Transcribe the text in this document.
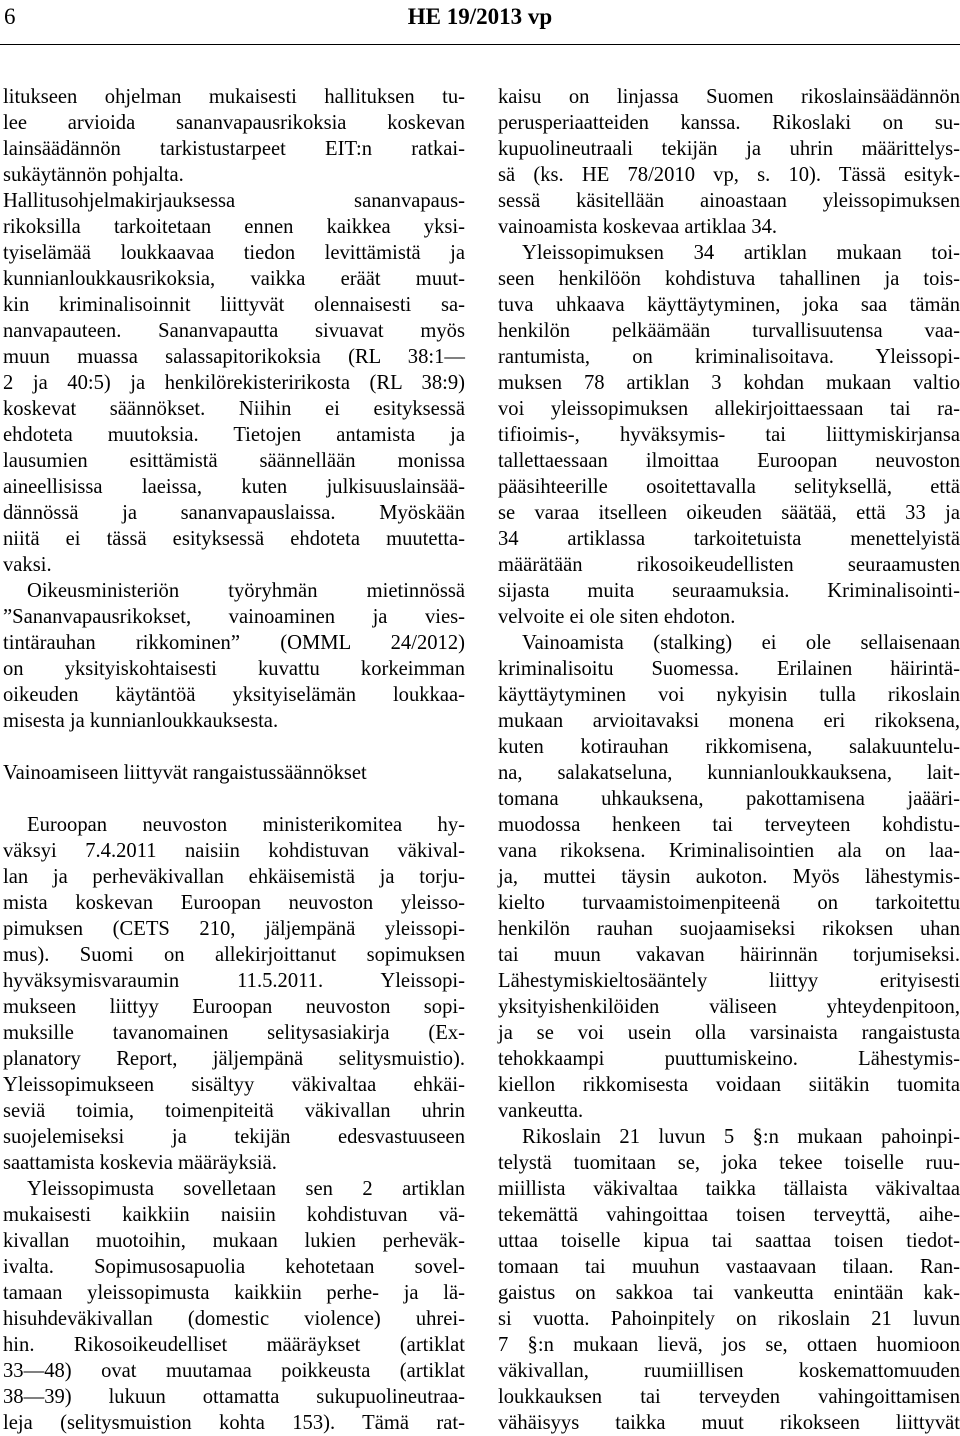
6	HE 19/2013 vp

litukseen ohjelman mukaisesti hallituksen tu-
lee arvioida sananvapausrikoksia koskevan
lainsäädännön tarkistustarpeet EIT:n ratkai-
sukäytännön pohjalta.
Hallitusohjelmakirjauksessa sananvapaus-
rikoksilla tarkoitetaan ennen kaikkea yksi-
tyiselämää loukkaavaa tiedon levittämistä ja
kunnianloukkausrikoksia, vaikka eräät muut-
kin kriminalisoinnit liittyvät olennaisesti sa-
nanvapauteen. Sananvapautta sivuavat myös
muun muassa salassapitorikoksia (RL 38:1—
2 ja 40:5) ja henkilörekisteririkosta (RL 38:9)
koskevat säännökset. Niihin ei esityksessä
ehdoteta muutoksia. Tietojen antamista ja
lausumien esittämistä säännellään monissa
aineellisissa laeissa, kuten julkisuuslainsää-
dännössä ja sananvapauslaissa. Myöskään
niitä ei tässä esityksessä ehdoteta muutetta-
vaksi.

Oikeusministeriön työryhmän mietinnössä
”Sananvapausrikokset, vainoaminen ja vies-
tintärauhan rikkominen” (OMML 24/2012)
on yksityiskohtaisesti kuvattu korkeimman
oikeuden käytäntöä yksityiselämän loukkaa-
misesta ja kunnianloukkauksesta.

Vainoamiseen liittyvät rangaistussäännökset

Euroopan neuvoston ministerikomitea hy-
väksyi 7.4.2011 naisiin kohdistuvan väkival-
lan ja perheväkivallan ehkäisemistä ja torju-
mista koskevan Euroopan neuvoston yleisso-
pimuksen (CETS 210, jäljempänä yleissopi-
mus). Suomi on allekirjoittanut sopimuksen
hyväksymisvaraumin 11.5.2011. Yleissopi-
mukseen liittyy Euroopan neuvoston sopi-
muksille tavanomainen selitysasiakirja (Ex-
planatory Report, jäljempänä selitysmuistio).
Yleissopimukseen sisältyy väkivaltaa ehkäi-
seviä toimia, toimenpiteitä väkivallan uhrin
suojelemiseksi ja tekijän edesvastuuseen
saattamista koskevia määräyksiä.

Yleissopimusta sovelletaan sen 2 artiklan
mukaisesti kaikkiin naisiin kohdistuvan vä-
kivallan muotoihin, mukaan lukien perheväk-
ivalta. Sopimusosapuolia kehotetaan sovel-
tamaan yleissopimusta kaikkiin perhe- ja lä-
hisuhdeväkivallan (domestic violence) uhrei-
hin. Rikosoikeudelliset määräykset (artiklat
33—48) ovat muutamaa poikkeusta (artiklat
38—39) lukuun ottamatta sukupuolineutraa-
leja (selitysmuistion kohta 153). Tämä rat-

kaisu on linjassa Suomen rikoslainsäädännön
perusperiaatteiden kanssa. Rikoslaki on su-
kupuolineutraali tekijän ja uhrin määrittelys-
sä (ks. HE 78/2010 vp, s. 10). Tässä esityk-
sessä käsitellään ainoastaan yleissopimuksen
vainoamista koskevaa artiklaa 34.

Yleissopimuksen 34 artiklan mukaan toi-
seen henkilöön kohdistuva tahallinen ja tois-
tuva uhkaava käyttäytyminen, joka saa tämän
henkilön pelkäämään turvallisuutensa vaa-
rantumista, on kriminalisoitava. Yleissopi-
muksen 78 artiklan 3 kohdan mukaan valtio
voi yleissopimuksen allekirjoittaessaan tai ra-
tifioimis-, hyväksymis- tai liittymiskirjansa
tallettaessaan ilmoittaa Euroopan neuvoston
pääsihteerille osoitettavalla selityksellä, että
se varaa itselleen oikeuden säätää, että 33 ja
34 artiklassa tarkoitetuista menettelyistä
määrätään rikosoikeudellisten seuraamusten
sijasta muita seuraamuksia. Kriminalisointi-
velvoite ei ole siten ehdoton.

Vainoamista (stalking) ei ole sellaisenaan
kriminalisoitu Suomessa. Erilainen häirintä-
käyttäytyminen voi nykyisin tulla rikoslain
mukaan arvioitavaksi monena eri rikoksena,
kuten kotirauhan rikkomisena, salakuuntelu-
na, salakatseluna, kunnianloukkauksena, lait-
tomana uhkauksena, pakottamisena jaääri-
muodossa henkeen tai terveyteen kohdistu-
vana rikoksena. Kriminalisointien ala on laa-
ja, muttei täysin aukoton. Myös lähestymis-
kielto turvaamistoimenpiteenä on tarkoitettu
henkilön rauhan suojaamiseksi rikoksen uhan
tai muun vakavan häirinnän torjumiseksi.
Lähestymiskieltosääntely liittyy erityisesti
yksityishenkilöiden väliseen yhteydenpitoon,
ja se voi usein olla varsinaista rangaistusta
tehokkaampi puuttumiskeino. Lähestymis-
kiellon rikkomisesta voidaan siitäkin tuomita
vankeutta.

Rikoslain 21 luvun 5 §:n mukaan pahoinpi-
telystä tuomitaan se, joka tekee toiselle ruu-
miillista väkivaltaa taikka tällaista väkivaltaa
tekemättä vahingoittaa toisen terveyttä, aihe-
uttaa toiselle kipua tai saattaa toisen tiedot-
tomaan tai muuhun vastaavaan tilaan. Ran-
gaistus on sakkoa tai vankeutta enintään kak-
si vuotta. Pahoinpitely on rikoslain 21 luvun
7 §:n mukaan lievä, jos se, ottaen huomioon
väkivallan, ruumiillisen koskemattomuuden
loukkauksen tai terveyden vahingoittamisen
vähäisyys taikka muut rikokseen liittyvät
